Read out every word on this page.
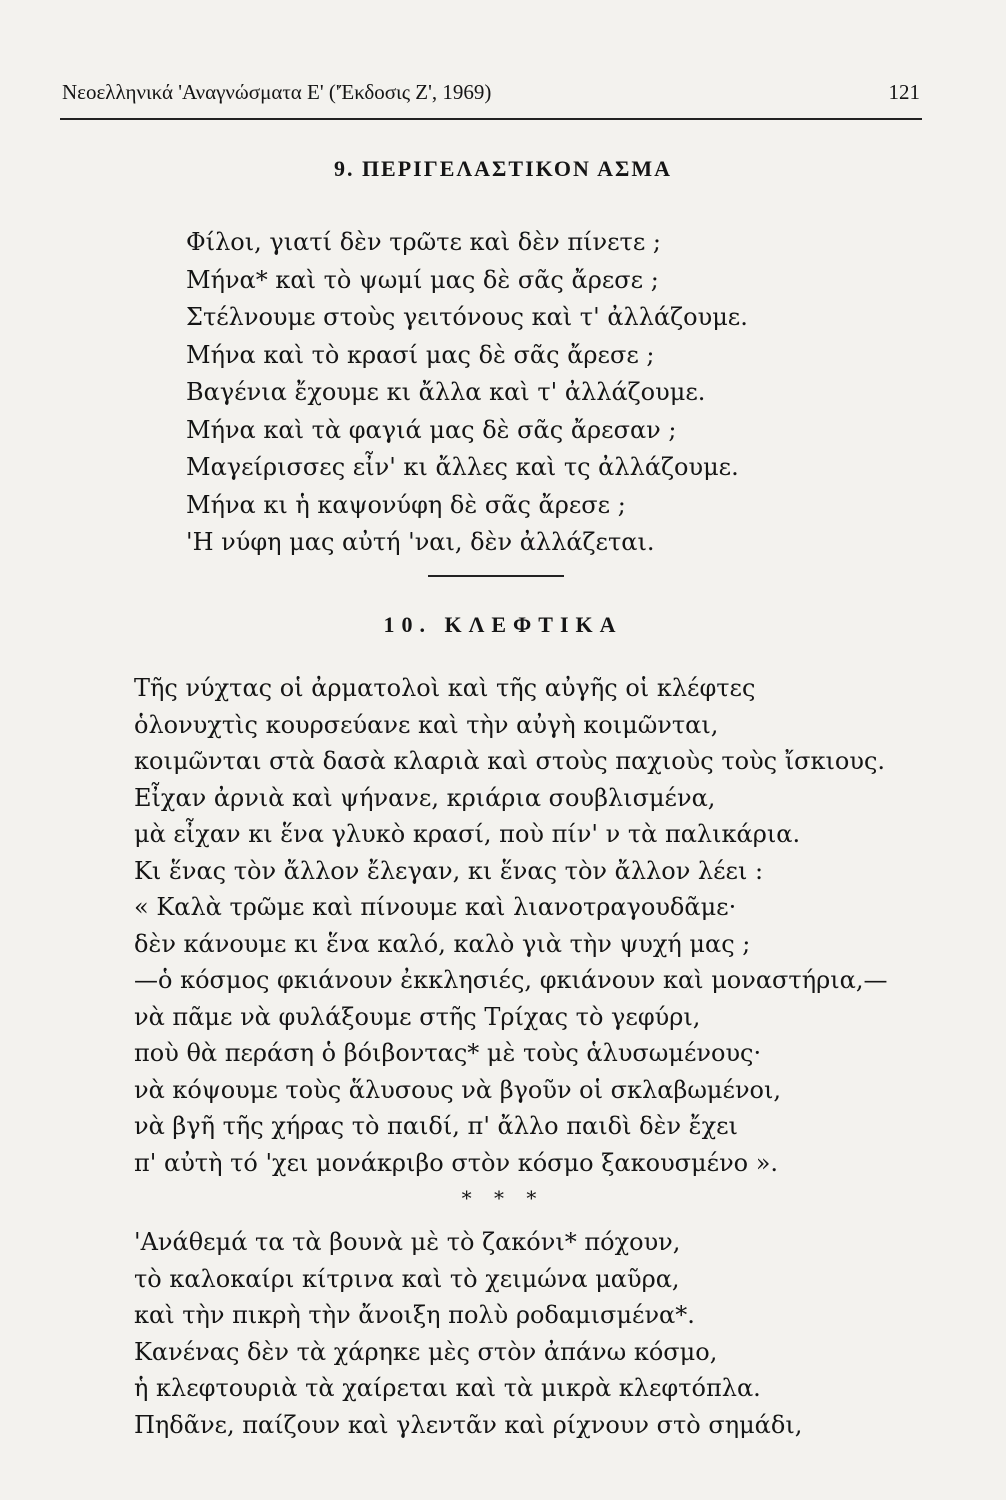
Νεοελληνικά 'Αναγνώσματα Ε' ('Έκδοσις Ζ', 1969)	121
9. ΠΕΡΙΓΕΛΑΣΤΙΚΟΝ ΑΣΜΑ
Φίλοι, γιατί δὲν τρῶτε καὶ δὲν πίνετε ;
Μήνα* καὶ τὸ ψωμί μας δὲ σᾶς ἄρεσε ;
Στέλνουμε στοὺς γειτόνους καὶ τ' ἀλλάζουμε.
Μήνα καὶ τὸ κρασί μας δὲ σᾶς ἄρεσε ;
Βαγένια ἔχουμε κι ἄλλα καὶ τ' ἀλλάζουμε.
Μήνα καὶ τὰ φαγιά μας δὲ σᾶς ἄρεσαν ;
Μαγείρισσες εἶν' κι ἄλλες καὶ τς ἀλλάζουμε.
Μήνα κι ἡ καψονύφη δὲ σᾶς ἄρεσε ;
'Η νύφη μας αὐτή 'ναι, δὲν ἀλλάζεται.
10. ΚΛΕΦΤΙΚΑ
Τῆς νύχτας οἱ ἀρματολοὶ καὶ τῆς αὐγῆς οἱ κλέφτες
ὁλονυχτὶς κουρσεύανε καὶ τὴν αὐγὴ κοιμῶνται,
κοιμῶνται στὰ δασὰ κλαριὰ καὶ στοὺς παχιοὺς τοὺς ἴσκιους.
Εἶχαν ἀρνιὰ καὶ ψήνανε, κριάρια σουβλισμένα,
μὰ εἶχαν κι ἕνα γλυκὸ κρασί, ποὺ πίν' ν τὰ παλικάρια.
Κι ἕνας τὸν ἄλλον ἔλεγαν, κι ἕνας τὸν ἄλλον λέει :
« Καλὰ τρῶμε καὶ πίνουμε καὶ λιανοτραγουδᾶμε·
δὲν κάνουμε κι ἕνα καλό, καλὸ γιὰ τὴν ψυχή μας ;
—ὁ κόσμος φκιάνουν ἐκκλησιές, φκιάνουν καὶ μοναστήρια,—
νὰ πᾶμε νὰ φυλάξουμε στῆς Τρίχας τὸ γεφύρι,
ποὺ θὰ περάση ὁ βόιβοντας* μὲ τοὺς ἁλυσωμένους·
νὰ κόψουμε τοὺς ἅλυσους νὰ βγοῦν οἱ σκλαβωμένοι,
νὰ βγῆ τῆς χήρας τὸ παιδί, π' ἄλλο παιδὶ δὲν ἔχει
π' αὐτὴ τό 'χει μονάκριβο στὸν κόσμο ξακουσμένο ».
* * *
'Ανάθεμά τα τὰ βουνὰ μὲ τὸ ζακόνι* πόχουν,
τὸ καλοκαίρι κίτρινα καὶ τὸ χειμώνα μαῦρα,
καὶ τὴν πικρὴ τὴν ἄνοιξη πολὺ ροδαμισμένα*.
Κανένας δὲν τὰ χάρηκε μὲς στὸν ἀπάνω κόσμο,
ἡ κλεφτουριὰ τὰ χαίρεται καὶ τὰ μικρὰ κλεφτόπλα.
Πηδᾶνε, παίζουν καὶ γλεντᾶν καὶ ρίχνουν στὸ σημάδι,
